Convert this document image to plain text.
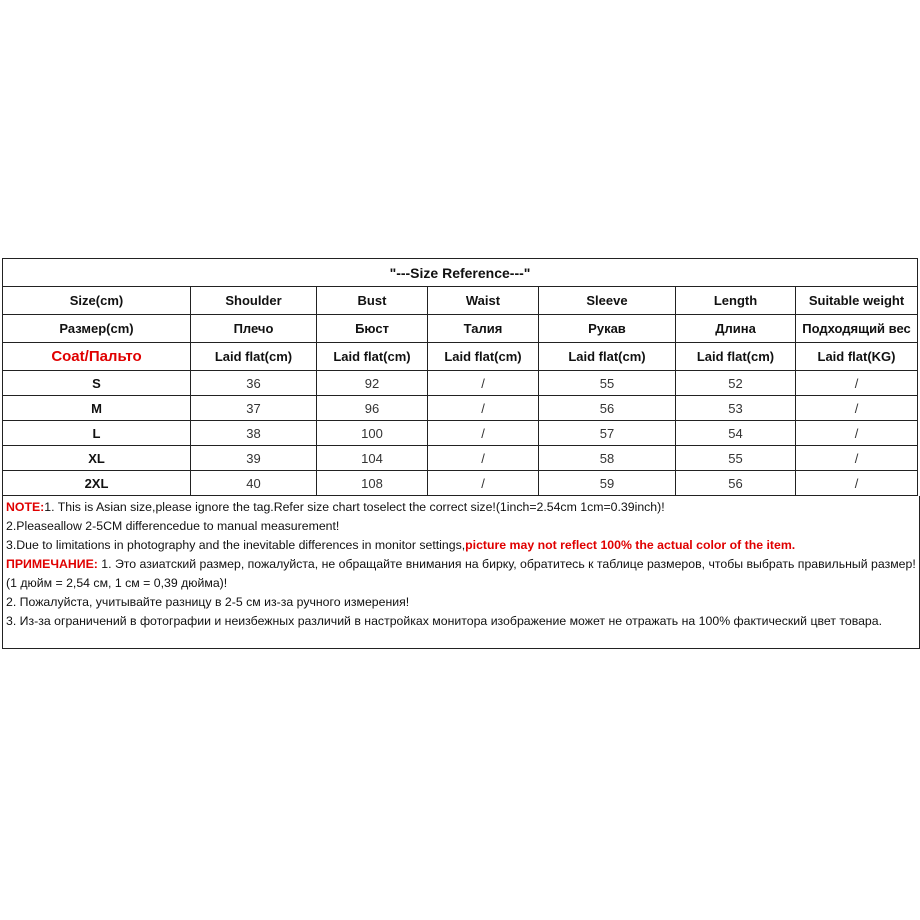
"---Size Reference---"						
Size(cm)	Shoulder	Bust	Waist	Sleeve	Length	Suitable weight
Размер(cm)	Плечо	Бюст	Талия	Рукав	Длина	Подходящий вес
Coat/Пальто	Laid flat(cm)	Laid flat(cm)	Laid flat(cm)	Laid flat(cm)	Laid flat(cm)	Laid flat(KG)
S	36	92	/	55	52	/
M	37	96	/	56	53	/
L	38	100	/	57	54	/
XL	39	104	/	58	55	/
2XL	40	108	/	59	56	/
NOTE:1. This is Asian size,please ignore the tag.Refer size chart toselect the correct size!(1inch=2.54cm 1cm=0.39inch)!
2.Pleaseallow 2-5CM differencedue to manual measurement!
3.Due to limitations in photography and the inevitable differences in monitor settings,picture may not reflect 100% the actual color of the item.
ПРИМЕЧАНИЕ: 1. Это азиатский размер, пожалуйста, не обращайте внимания на бирку, обратитесь к таблице размеров, чтобы выбрать правильный размер! (1 дюйм = 2,54 см, 1 см = 0,39 дюйма)!
2. Пожалуйста, учитывайте разницу в 2-5 см из-за ручного измерения!
3. Из-за ограничений в фотографии и неизбежных различий в настройках монитора изображение может не отражать на 100% фактический цвет товара.
